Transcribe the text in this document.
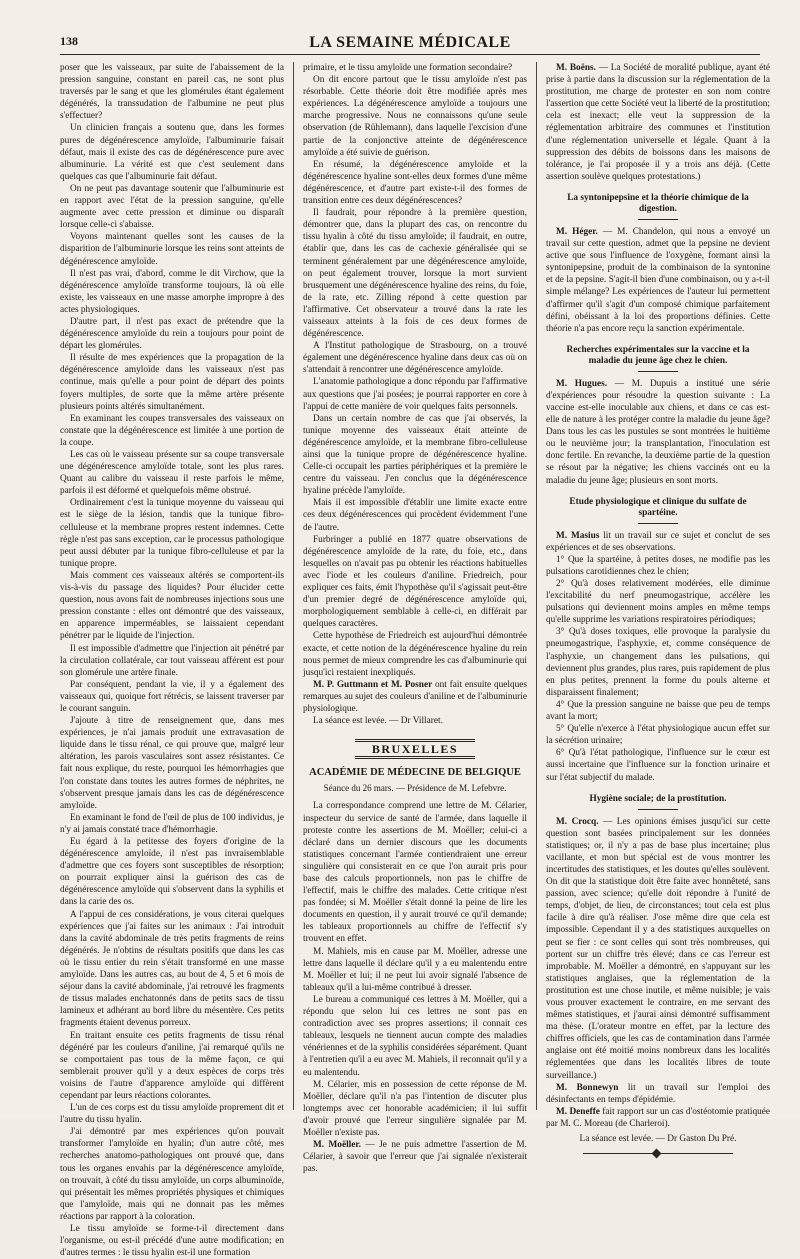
138	LA SEMAINE MÉDICALE

poser que les vaisseaux, par suite de l'abaissement de la pression sanguine, constant en pareil cas, ne sont plus traversés par le sang et que les glomérules étant également dégénérés, la transsudation de l'albumine ne peut plus s'effectuer?

Un clinicien français a soutenu que, dans les formes pures de dégénérescence amyloïde, l'albuminurie faisait défaut, mais il existe des cas de dégénérescence pure avec albuminurie. La vérité est que c'est seulement dans quelques cas que l'albuminurie fait défaut.

On ne peut pas davantage soutenir que l'albuminurie est en rapport avec l'état de la pression sanguine, qu'elle augmente avec cette pression et diminue ou disparaît lorsque celle-ci s'abaisse.

Voyons maintenant quelles sont les causes de la disparition de l'albuminurie lorsque les reins sont atteints de dégénérescence amyloïde.

Il n'est pas vrai, d'abord, comme le dit Virchow, que la dégénérescence amyloïde transforme toujours, là où elle existe, les vaisseaux en une masse amorphe impropre à des actes physiologiques.

D'autre part, il n'est pas exact de prétendre que la dégénérescence amyloïde du rein a toujours pour point de départ les glomérules.

Il résulte de mes expériences que la propagation de la dégénérescence amyloïde dans les vaisseaux n'est pas continue, mais qu'elle a pour point de départ des points foyers multiples, de sorte que la même artère présente plusieurs points altérés simultanément.

En examinant les coupes transversales des vaisseaux on constate que la dégénérescence est limitée à une portion de la coupe.

Les cas où le vaisseau présente sur sa coupe transversale une dégénérescence amyloïde totale, sont les plus rares. Quant au calibre du vaisseau il reste parfois le même, parfois il est déformé et quelquefois même obstrué.

Ordinairement c'est la tunique moyenne du vaisseau qui est le siège de la lésion, tandis que la tunique fibro-celluleuse et la membrane propres restent indemnes. Cette règle n'est pas sans exception, car le processus pathologique peut aussi débuter par la tunique fibro-celluleuse et par la tunique propre.

Mais comment ces vaisseaux altérés se comportent-ils vis-à-vis du passage des liquides? Pour élucider cette question, nous avons fait de nombreuses injections sous une pression constante : elles ont démontré que des vaisseaux, en apparence imperméables, se laissaient cependant pénétrer par le liquide de l'injection.

Il est impossible d'admettre que l'injection ait pénétré par la circulation collatérale, car tout vaisseau afférent est pour son glomérule une artère finale.

Par conséquent, pendant la vie, il y a également des vaisseaux qui, quoique fort rétrécis, se laissent traverser par le courant sanguin.

J'ajoute à titre de renseignement que, dans mes expériences, je n'ai jamais produit une extravasation de liquide dans le tissu rénal, ce qui prouve que, malgré leur altération, les parois vasculaires sont assez résistantes. Ce fait nous explique, du reste, pourquoi les hémorrhagies que l'on constate dans toutes les autres formes de néphrites, ne s'observent presque jamais dans les cas de dégénérescence amyloïde.

En examinant le fond de l'œil de plus de 100 individus, je n'y ai jamais constaté trace d'hémorrhagie.

Eu égard à la petitesse des foyers d'origine de la dégénérescence amyloïde, il n'est pas invraisemblable d'admettre que ces foyers sont susceptibles de résorption; on pourrait expliquer ainsi la guérison des cas de dégénérescence amyloïde qui s'observent dans la syphilis et dans la carie des os.

A l'appui de ces considérations, je vous citerai quelques expériences que j'ai faites sur les animaux : J'ai introduit dans la cavité abdominale de très petits fragments de reins dégénérés. Je n'obtins de résultats positifs que dans les cas où le tissu entier du rein s'était transformé en une masse amyloïde. Dans les autres cas, au bout de 4, 5 et 6 mois de séjour dans la cavité abdominale, j'ai retrouvé les fragments de tissus malades enchatonnés dans de petits sacs de tissu lamineux et adhérant au bord libre du mésentère. Ces petits fragments étaient devenus porreux.

En traitant ensuite ces petits fragments de tissu rénal dégénéré par les couleurs d'aniline, j'ai remarqué qu'ils ne se comportaient pas tous de la même façon, ce qui semblerait prouver qu'il y a deux espèces de corps très voisins de l'autre d'apparence amyloïde qui diffèrent cependant par leurs réactions colorantes.

L'un de ces corps est du tissu amyloïde proprement dit et l'autre du tissu hyalin.

J'ai démontré par mes expériences qu'on pouvait transformer l'amyloïde en hyalin; d'un autre côté, mes recherches anatomo-pathologiques ont prouvé que, dans tous les organes envahis par la dégénérescence amyloïde, on trouvait, à côté du tissu amyloïde, un corps albuminoïde, qui présentait les mêmes propriétés physiques et chimiques que l'amyloïde, mais qui ne donnait pas les mêmes réactions par rapport à la coloration.

Le tissu amyloïde se forme-t-il directement dans l'organisme, ou est-il précédé d'une autre modification; en d'autres termes : le tissu hyalin est-il une formation

primaire, et le tissu amyloïde une formation secondaire?

On dit encore partout que le tissu amyloïde n'est pas résorbable. Cette théorie doit être modifiée après mes expériences. La dégénérescence amyloïde a toujours une marche progressive. Nous ne connaissons qu'une seule observation (de Rühlemann), dans laquelle l'excision d'une partie de la conjonctive atteinte de dégénérescence amyloïde a été suivie de guérison.

En résumé, la dégénérescence amyloïde et la dégénérescence hyaline sont-elles deux formes d'une même dégénérescence, et d'autre part existe-t-il des formes de transition entre ces deux dégénérescences?

Il faudrait, pour répondre à la première question, démontrer que, dans la plupart des cas, on rencontre du tissu hyalin à côté du tissu amyloïde; il faudrait, en outre, établir que, dans les cas de cachexie généralisée qui se terminent généralement par une dégénérescence amyloïde, on peut également trouver, lorsque la mort survient brusquement une dégénérescence hyaline des reins, du foie, de la rate, etc. Zilling répond à cette question par l'affirmative. Cet observateur a trouvé dans la rate les vaisseaux atteints à la fois de ces deux formes de dégénérescence.

A l'Institut pathologique de Strasbourg, on a trouvé également une dégénérescence hyaline dans deux cas où on s'attendait à rencontrer une dégénérescence amyloïde.

L'anatomie pathologique a donc répondu par l'affirmative aux questions que j'ai posées; je pourrai rapporter en core à l'appui de cette manière de voir quelques faits personnels.

Dans un certain nombre de cas que j'ai observés, la tunique moyenne des vaisseaux était atteinte de dégénérescence amyloïde, et la membrane fibro-celluleuse ainsi que la tunique propre de dégénérescence hyaline. Celle-ci occupait les parties périphériques et la première le centre du vaisseau. J'en conclus que la dégénérescence hyaline précède l'amyloïde.

Mais il est impossible d'établir une limite exacte entre ces deux dégénérescences qui procèdent évidemment l'une de l'autre.

Furbringer a publié en 1877 quatre observations de dégénérescence amyloïde de la rate, du foie, etc., dans lesquelles on n'avait pas pu obtenir les réactions habituelles avec l'iode et les couleurs d'aniline. Friedreich, pour expliquer ces faits, émit l'hypothèse qu'il s'agissait peut-être d'un premier degré de dégénérescence amyloïde qui, morphologiquement semblable à celle-ci, en différait par quelques caractères.

Cette hypothèse de Friedreich est aujourd'hui démontrée exacte, et cette notion de la dégénérescence hyaline du rein nous permet de mieux comprendre les cas d'albuminurie qui jusqu'ici restaient inexpliqués.

M. P. Guttmann et M. Posner ont fait ensuite quelques remarques au sujet des couleurs d'aniline et de l'albuminurie physiologique.

La séance est levée. — Dr Villaret.

BRUXELLES
ACADÉMIE DE MÉDECINE DE BELGIQUE
Séance du 26 mars. — Présidence de M. Lefebvre.

La correspondance comprend une lettre de M. Célarier, inspecteur du service de santé de l'armée, dans laquelle il proteste contre les assertions de M. Moëller; celui-ci a déclaré dans un dernier discours que les documents statistiques concernant l'armée contiendraient une erreur singulière qui consisterait en ce que l'on aurait pris pour base des calculs proportionnels, non pas le chiffre de l'effectif, mais le chiffre des malades. Cette critique n'est pas fondée; si M. Moëller s'était donné la peine de lire les documents en question, il y aurait trouvé ce qu'il demande; les tableaux proportionnels au chiffre de l'effectif s'y trouvent en effet.

M. Mahiels, mis en cause par M. Moëller, adresse une lettre dans laquelle il déclare qu'il y a eu malentendu entre M. Moëller et lui; il ne peut lui avoir signalé l'absence de tableaux qu'il a lui-même contribué à dresser.

Le bureau a communiqué ces lettres à M. Moëller, qui a répondu que selon lui ces lettres ne sont pas en contradiction avec ses propres assertions; il connait ces tableaux, lesquels ne tiennent aucun compte des maladies vénériennes et de la syphilis considérées séparément. Quant à l'entretien qu'il a eu avec M. Mahiels, il reconnait qu'il y a eu malentendu.

M. Célarier, mis en possession de cette réponse de M. Moëller, déclare qu'il n'a pas l'intention de discuter plus longtemps avec cet honorable académicien; il lui suffit d'avoir prouvé que l'erreur singulière signalée par M. Moëller n'existe pas.

M. Moëller. — Je ne puis admettre l'assertion de M. Célarier, à savoir que l'erreur que j'ai signalée n'existerait pas.

M. Boëns. — La Société de moralité publique, ayant été prise à partie dans la discussion sur la réglementation de la prostitution, me charge de protester en son nom contre l'assertion que cette Société veut la liberté de la prostitution; cela est inexact; elle veut la suppression de la réglementation arbitraire des communes et l'institution d'une réglementation universelle et légale. Quant à la suppression des débits de boissons dans les maisons de tolérance, je l'ai proposée il y a trois ans déjà. (Cette assertion soulève quelques protestations.)

La syntonipepsine et la théorie chimique de la digestion.

M. Héger. — M. Chandelon, qui nous a envoyé un travail sur cette question, admet que la pepsine ne devient active que sous l'influence de l'oxygène, formant ainsi la syntonipepsine, produit de la combinaison de la syntonine et de la pepsine. S'agit-il bien d'une combinaison, ou y a-t-il simple mélange? Les expériences de l'auteur lui permettent d'affirmer qu'il s'agit d'un composé chimique parfaitement défini, obéissant à la loi des proportions définies. Cette théorie n'a pas encore reçu la sanction expérimentale.

Recherches expérimentales sur la vaccine et la maladie du jeune âge chez le chien.

M. Hugues. — M. Dupuis a institué une série d'expériences pour résoudre la question suivante : La vaccine est-elle inoculable aux chiens, et dans ce cas est-elle de nature à les protéger contre la maladie du jeune âge? Dans tous les cas les pustules se sont montrées le huitième ou le neuvième jour; la transplantation, l'inoculation est donc fertile. En revanche, la deuxième partie de la question se résout par la négative; les chiens vaccinés ont eu la maladie du jeune âge; plusieurs en sont morts.

Etude physiologique et clinique du sulfate de spartéine.

M. Masius lit un travail sur ce sujet et conclut de ses expériences et de ses observations.

1° Que la spartéine, à petites doses, ne modifie pas les pulsations carotidiennes chez le chien;

2° Qu'à doses relativement modérées, elle diminue l'excitabilité du nerf pneumogastrique, accélère les pulsations qui deviennent moins amples en même temps qu'elle supprime les variations respiratoires périodiques;

3° Qu'à doses toxiques, elle provoque la paralysie du pneumogastrique, l'asphyxie, et, comme conséquence de l'asphyxie, un changement dans les pulsations, qui deviennent plus grandes, plus rares, puis rapidement de plus en plus petites, prennent la forme du pouls alterne et disparaissent finalement;

4° Que la pression sanguine ne baisse que peu de temps avant la mort;

5° Qu'elle n'exerce à l'état physiologique aucun effet sur la sécrétion urinaire;

6° Qu'à l'état pathologique, l'influence sur le cœur est aussi incertaine que l'influence sur la fonction urinaire et sur l'état subjectif du malade.

Hygiène sociale; de la prostitution.

M. Crocq. — Les opinions émises jusqu'ici sur cette question sont basées principalement sur les données statistiques; or, il n'y a pas de base plus incertaine; plus vacillante, et mon but spécial est de vous montrer les incertitudes des statistiques, et les doutes qu'elles soulèvent. On dit que la statistique doit être faite avec honnêteté, sans passion, avec science; qu'elle doit répondre à l'unité de temps, d'objet, de lieu, de circonstances; tout cela est plus facile à dire qu'à réaliser. J'ose même dire que cela est impossible. Cependant il y a des statistiques auxquelles on peut se fier : ce sont celles qui sont très nombreuses, qui portent sur un chiffre très élevé; dans ce cas l'erreur est improbable. M. Moëller a démontré, en s'appuyant sur les statistiques anglaises, que la réglementation de la prostitution est une chose inutile, et même nuisible; je vais vous prouver exactement le contraire, en me servant des mêmes statistiques, et j'aurai ainsi démontré suffisamment ma thèse. (L'orateur montre en effet, par la lecture des chiffres officiels, que les cas de contamination dans l'armée anglaise ont été moitié moins nombreux dans les localités réglementées que dans les localités libres de toute surveillance.)

M. Bonnewyn lit un travail sur l'emploi des désinfectants en temps d'épidémie.

M. Deneffe fait rapport sur un cas d'ostéotomie pratiquée par M. C. Moreau (de Charleroi).

La séance est levée. — Dr Gaston Du Pré.
